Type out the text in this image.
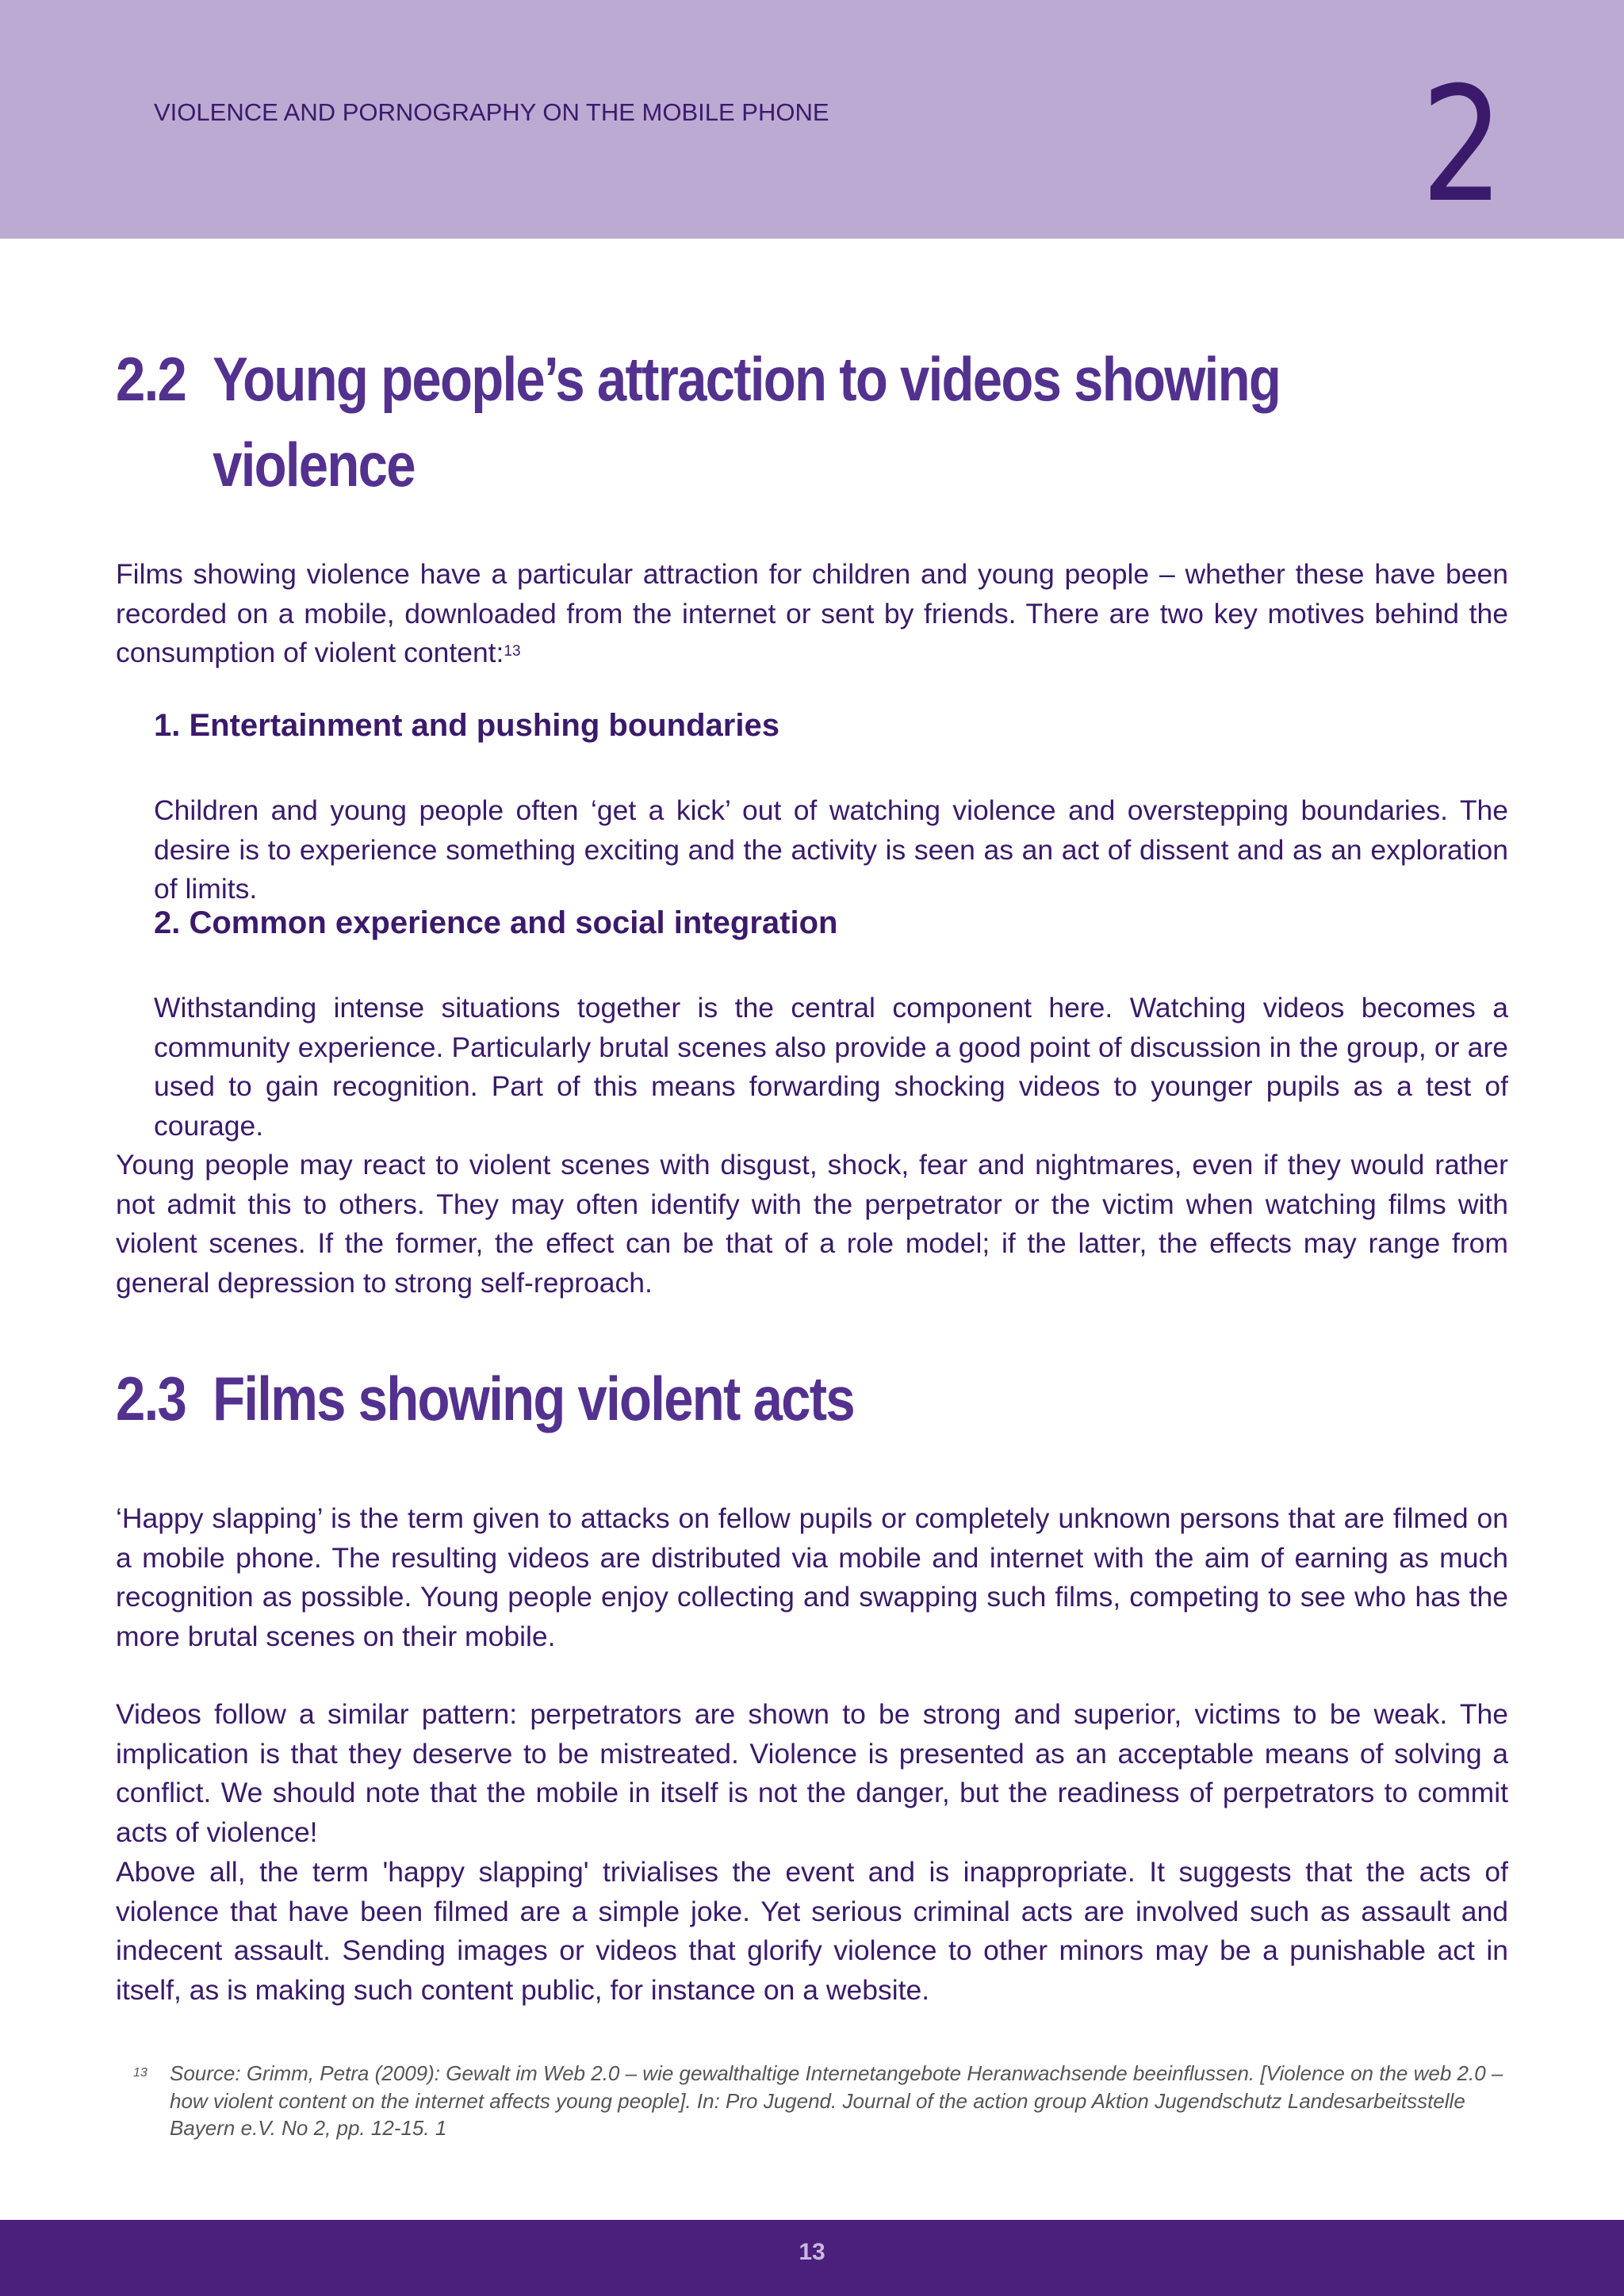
VIOLENCE AND PORNOGRAPHY ON THE MOBILE PHONE	2
2.2 Young people’s attraction to videos showing
violence
Films showing violence have a particular attraction for children and young people – whether these have been recorded on a mobile, downloaded from the internet or sent by friends. There are two key motives behind the consumption of violent content:$^{13}$
1. Entertainment and pushing boundaries
Children and young people often ‘get a kick’ out of watching violence and overstepping boundaries. The desire is to experience something exciting and the activity is seen as an act of dissent and as an exploration of limits.
2. Common experience and social integration
Withstanding intense situations together is the central component here. Watching videos becomes a community experience. Particularly brutal scenes also provide a good point of discussion in the group, or are used to gain recognition. Part of this means forwarding shocking videos to younger pupils as a test of courage.
Young people may react to violent scenes with disgust, shock, fear and nightmares, even if they would rather not admit this to others. They may often identify with the perpetrator or the victim when watching films with violent scenes. If the former, the effect can be that of a role model; if the latter, the effects may range from general depression to strong self-reproach.
2.3 Films showing violent acts
‘Happy slapping’ is the term given to attacks on fellow pupils or completely unknown persons that are filmed on a mobile phone. The resulting videos are distributed via mobile and internet with the aim of earning as much recognition as possible. Young people enjoy collecting and swapping such films, competing to see who has the more brutal scenes on their mobile.
Videos follow a similar pattern: perpetrators are shown to be strong and superior, victims to be weak. The implication is that they deserve to be mistreated. Violence is presented as an acceptable means of solving a conflict. We should note that the mobile in itself is not the danger, but the readiness of perpetrators to commit acts of violence!
Above all, the term 'happy slapping' trivialises the event and is inappropriate. It suggests that the acts of violence that have been filmed are a simple joke. Yet serious criminal acts are involved such as assault and indecent assault. Sending images or videos that glorify violence to other minors may be a punishable act in itself, as is making such content public, for instance on a website.
13 Source: Grimm, Petra (2009): Gewalt im Web 2.0 – wie gewalthaltige Internetangebote Heranwachsende beeinflussen. [Violence on the web 2.0 – how violent content on the internet affects young people]. In: Pro Jugend. Journal of the action group Aktion Jugendschutz Landesarbeitsstelle Bayern e.V. No 2, pp. 12-15. 1
13
